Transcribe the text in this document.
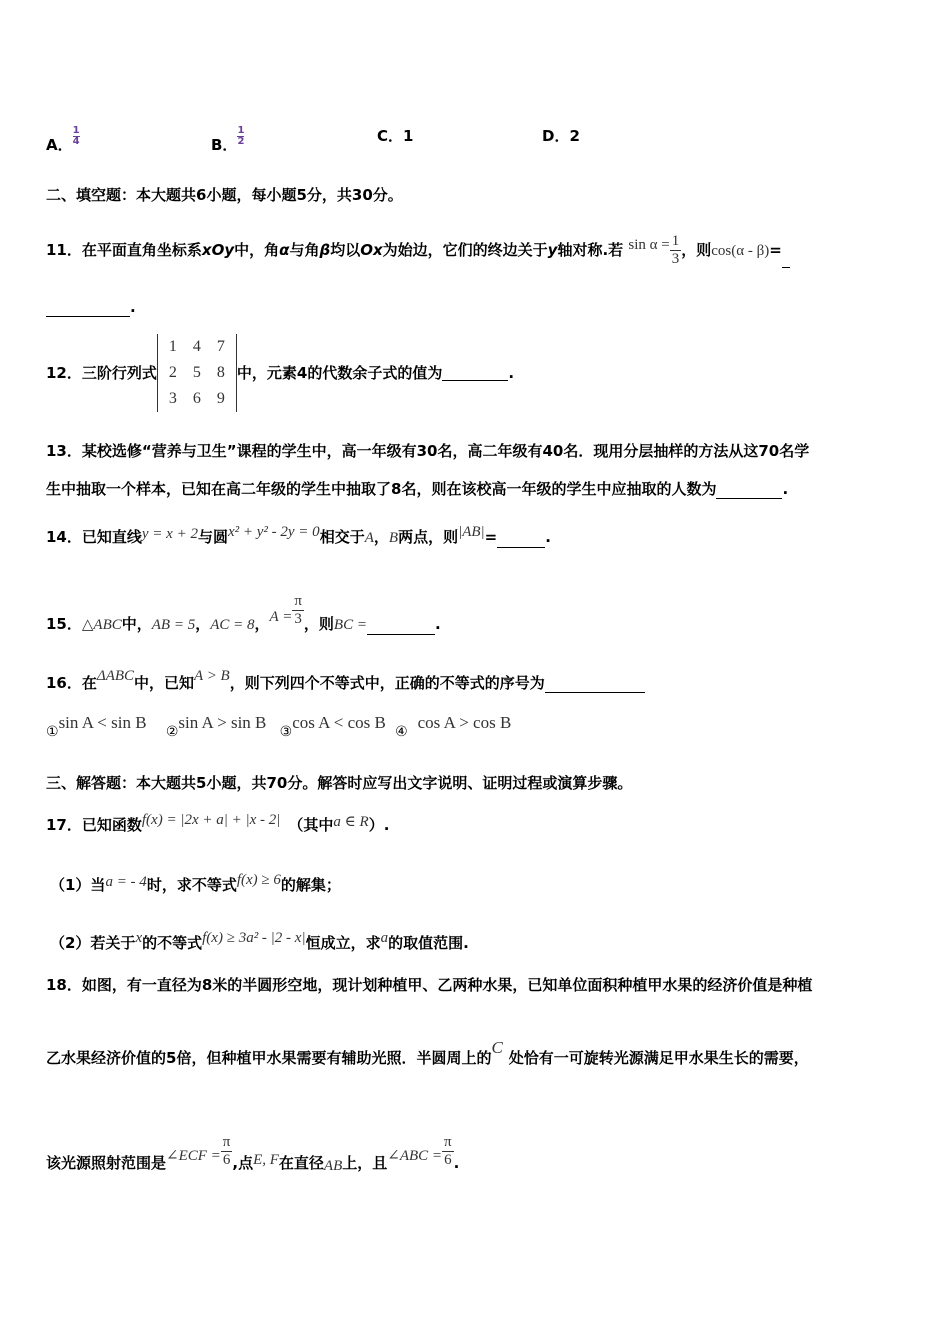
A． $\frac{1}{4}$	B． $\frac{1}{2}$	C．1	D．2
二、填空题：本大题共6小题，每小题5分，共30分。
11．在平面直角坐标系xOy中，角α与角β均以Ox为始边，它们的终边关于y轴对称.若 $\sin \alpha = \frac{1}{3}$ ，则cos(α - β)=
.
12．三阶行列式
1	4	7
2	5	8
3	6	9
中，元素4的代数余子式的值为	.
13．某校选修“营养与卫生”课程的学生中，高一年级有30名，高二年级有40名．现用分层抽样的方法从这70名学
生中抽取一个样本，已知在高二年级的学生中抽取了8名，则在该校高一年级的学生中应抽取的人数为	.
14．已知直线y = x + 2与圆x² + y² - 2y = 0相交于A，B两点，则|AB|=	.
15．△ABC中，AB = 5，AC = 8，$A = \frac{\pi}{3}$ ，则BC =	.
16．在ΔABC中，已知A > B，则下列四个不等式中，正确的不等式的序号为
①sin A < sin B ②sin A > sin B ③cos A < cos B ④ cos A > cos B
三、解答题：本大题共5小题，共70分。解答时应写出文字说明、证明过程或演算步骤。
17．已知函数f(x) = |2x + a| + |x - 2| （其中a ∈ R）.
（1）当a = - 4时，求不等式f(x) ≥ 6的解集；
（2）若关于x的不等式f(x) ≥ 3a² - |2 - x|恒成立，求a的取值范围.
18．如图，有一直径为8米的半圆形空地，现计划种植甲、乙两种水果，已知单位面积种植甲水果的经济价值是种植
乙水果经济价值的5倍，但种植甲水果需要有辅助光照．半圆周上的C处恰有一可旋转光源满足甲水果生长的需要，
该光源照射范围是∠ECF = $\frac{\pi}{6}$ ,点E, F在直径AB上，且∠ABC = $\frac{\pi}{6}$ .
